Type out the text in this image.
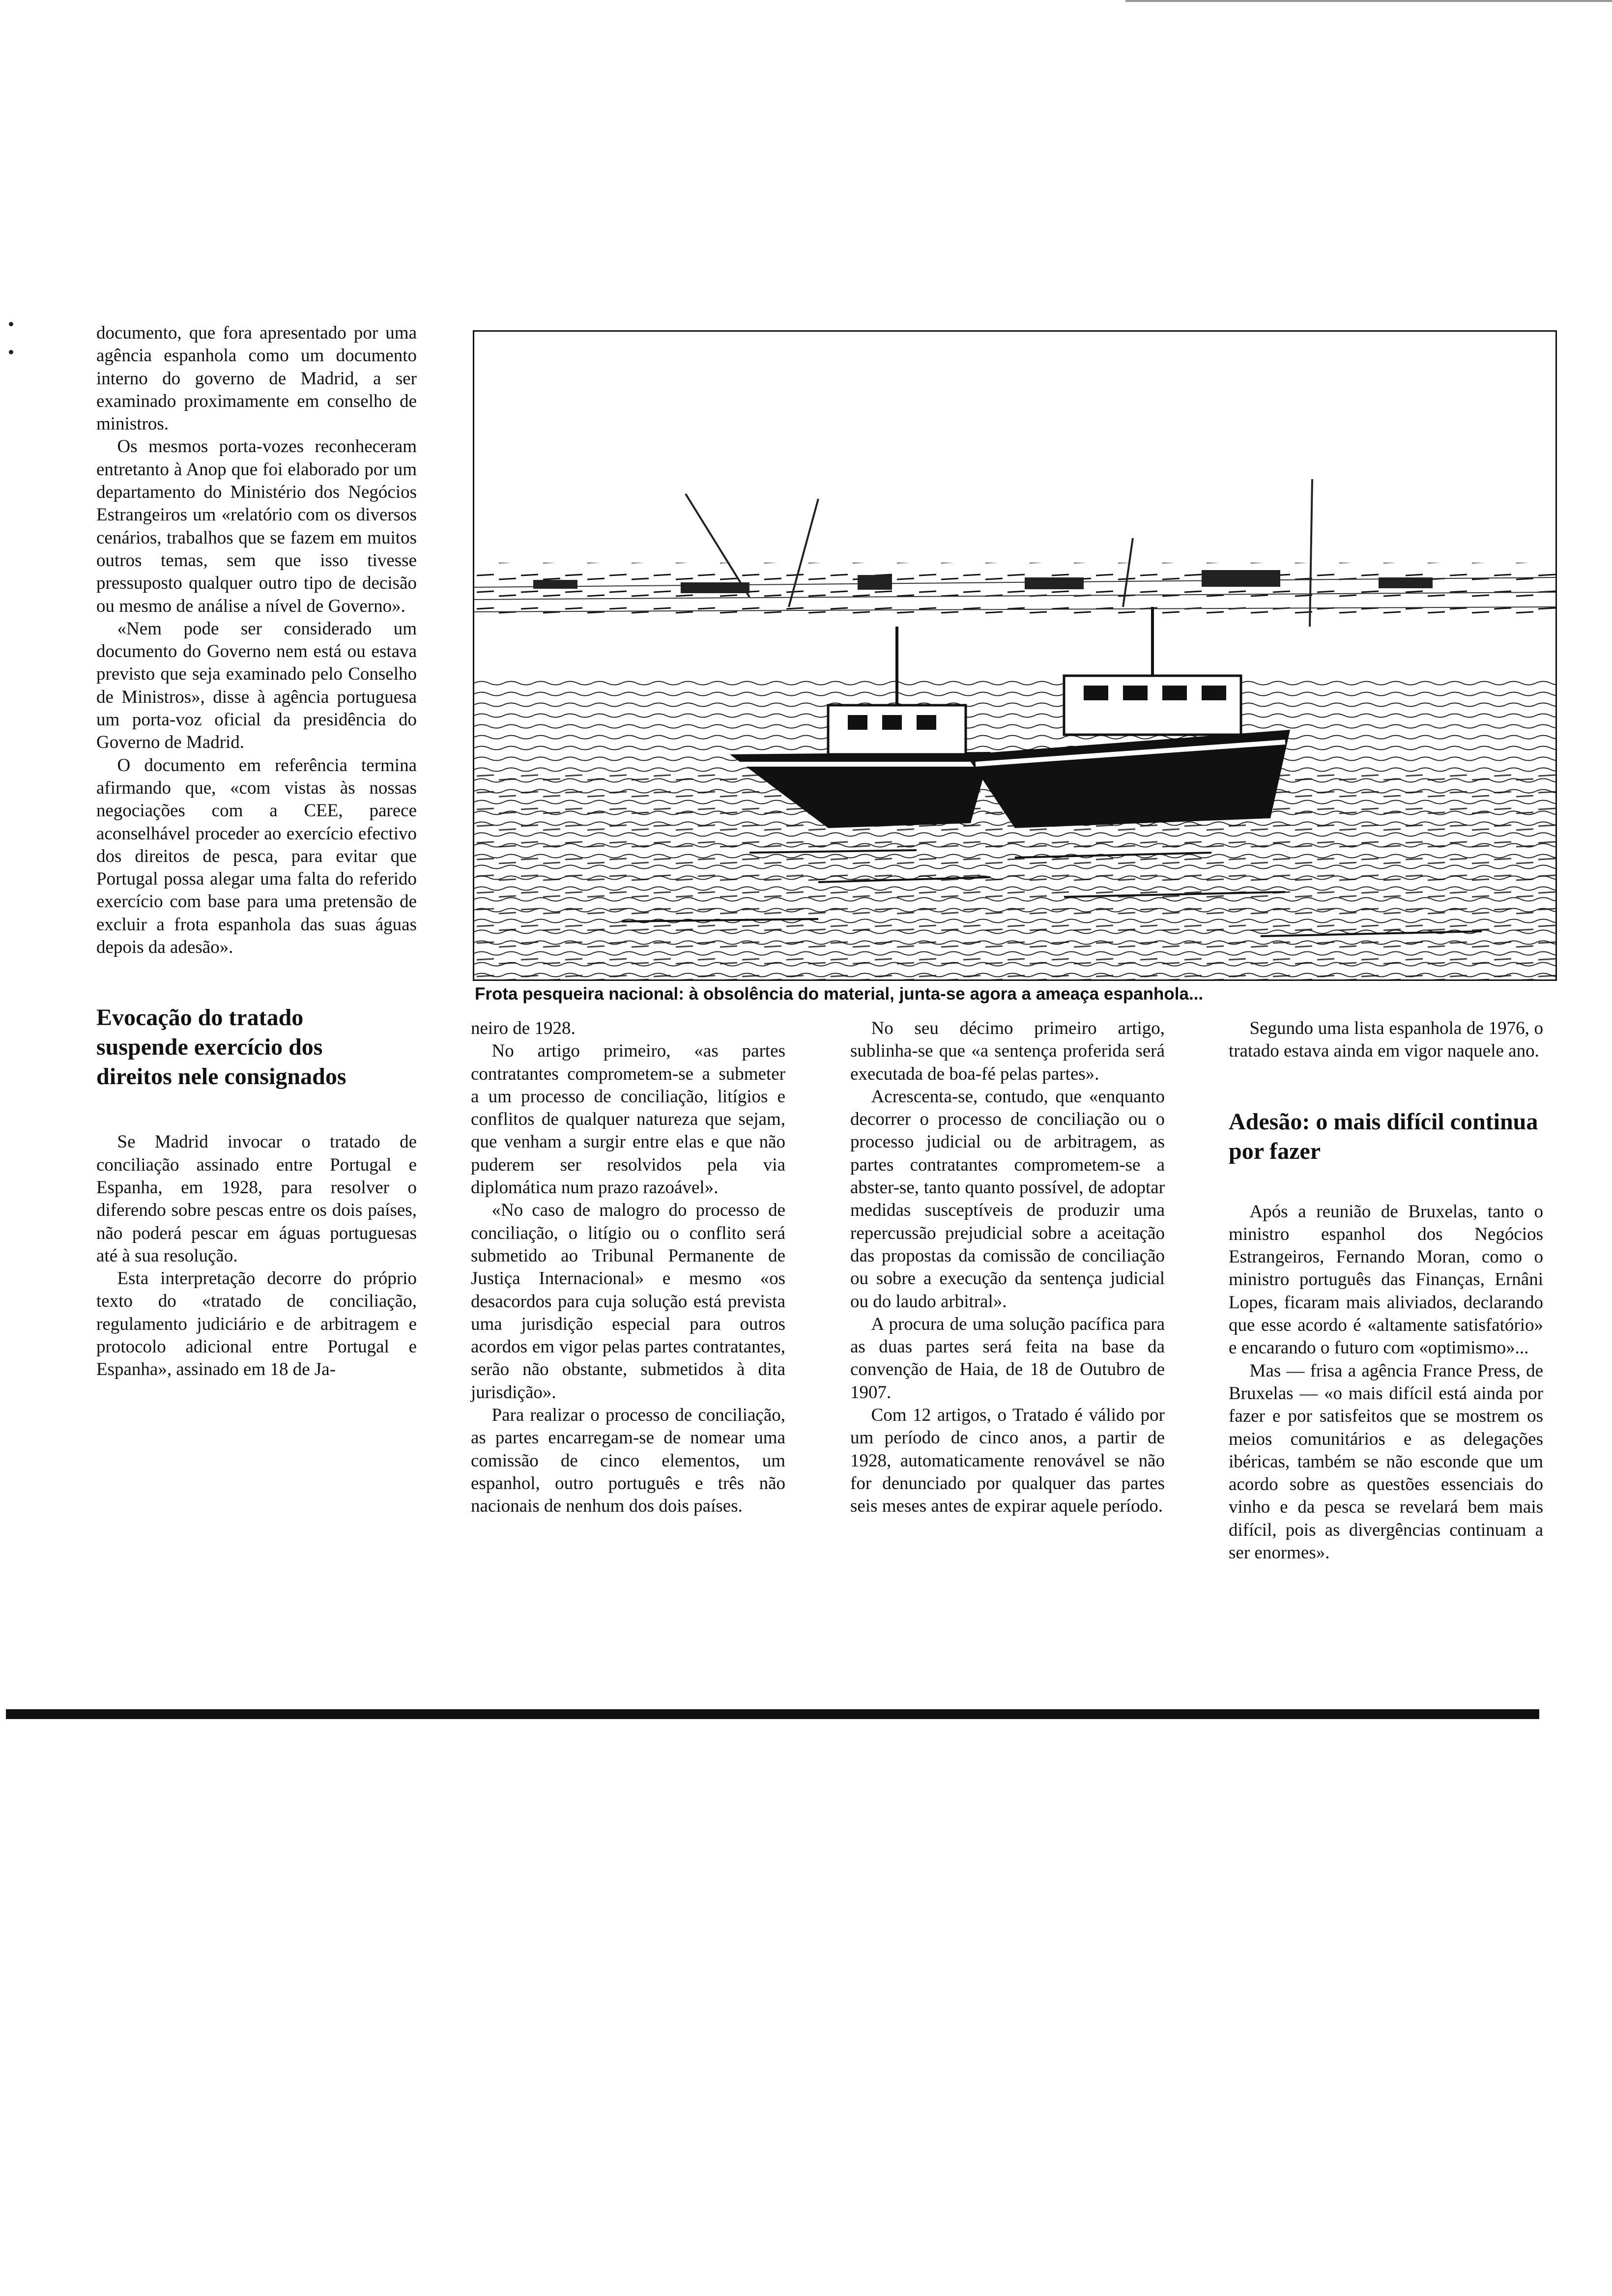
documento, que fora apresentado por uma agência espanhola como um documento interno do governo de Madrid, a ser examinado proximamente em conselho de ministros.

Os mesmos porta-vozes reconheceram entretanto à Anop que foi elaborado por um departamento do Ministério dos Negócios Estrangeiros um «relatório com os diversos cenários, trabalhos que se fazem em muitos outros temas, sem que isso tivesse pressuposto qualquer outro tipo de decisão ou mesmo de análise a nível de Governo».

«Nem pode ser considerado um documento do Governo nem está ou estava previsto que seja examinado pelo Conselho de Ministros», disse à agência portuguesa um porta-voz oficial da presidência do Governo de Madrid.

O documento em referência termina afirmando que, «com vistas às nossas negociações com a CEE, parece aconselhável proceder ao exercício efectivo dos direitos de pesca, para evitar que Portugal possa alegar uma falta do referido exercício com base para uma pretensão de excluir a frota espanhola das suas águas depois da adesão».

Evocação do tratado suspende exercício dos direitos nele consignados

Se Madrid invocar o tratado de conciliação assinado entre Portugal e Espanha, em 1928, para resolver o diferendo sobre pescas entre os dois países, não poderá pescar em águas portuguesas até à sua resolução.

Esta interpretação decorre do próprio texto do «tratado de conciliação, regulamento judiciário e de arbitragem e protocolo adicional entre Portugal e Espanha», assinado em 18 de Ja-

Frota pesqueira nacional: à obsolência do material, junta-se agora a ameaça espanhola...

neiro de 1928.

No artigo primeiro, «as partes contratantes comprometem-se a submeter a um processo de conciliação, litígios e conflitos de qualquer natureza que sejam, que venham a surgir entre elas e que não puderem ser resolvidos pela via diplomática num prazo razoável».

«No caso de malogro do processo de conciliação, o litígio ou o conflito será submetido ao Tribunal Permanente de Justiça Internacional» e mesmo «os desacordos para cuja solução está prevista uma jurisdição especial para outros acordos em vigor pelas partes contratantes, serão não obstante, submetidos à dita jurisdição».

Para realizar o processo de conciliação, as partes encarregam-se de nomear uma comissão de cinco elementos, um espanhol, outro português e três não nacionais de nenhum dos dois países.

No seu décimo primeiro artigo, sublinha-se que «a sentença proferida será executada de boa-fé pelas partes».

Acrescenta-se, contudo, que «enquanto decorrer o processo de conciliação ou o processo judicial ou de arbitragem, as partes contratantes comprometem-se a abster-se, tanto quanto possível, de adoptar medidas susceptíveis de produzir uma repercussão prejudicial sobre a aceitação das propostas da comissão de conciliação ou sobre a execução da sentença judicial ou do laudo arbitral».

A procura de uma solução pacífica para as duas partes será feita na base da convenção de Haia, de 18 de Outubro de 1907.

Com 12 artigos, o Tratado é válido por um período de cinco anos, a partir de 1928, automaticamente renovável se não for denunciado por qualquer das partes seis meses antes de expirar aquele período.

Segundo uma lista espanhola de 1976, o tratado estava ainda em vigor naquele ano.

Adesão: o mais difícil continua por fazer

Após a reunião de Bruxelas, tanto o ministro espanhol dos Negócios Estrangeiros, Fernando Moran, como o ministro português das Finanças, Ernâni Lopes, ficaram mais aliviados, declarando que esse acordo é «altamente satisfatório» e encarando o futuro com «optimismo»...

Mas — frisa a agência France Press, de Bruxelas — «o mais difícil está ainda por fazer e por satisfeitos que se mostrem os meios comunitários e as delegações ibéricas, também se não esconde que um acordo sobre as questões essenciais do vinho e da pesca se revelará bem mais difícil, pois as divergências continuam a ser enormes».
